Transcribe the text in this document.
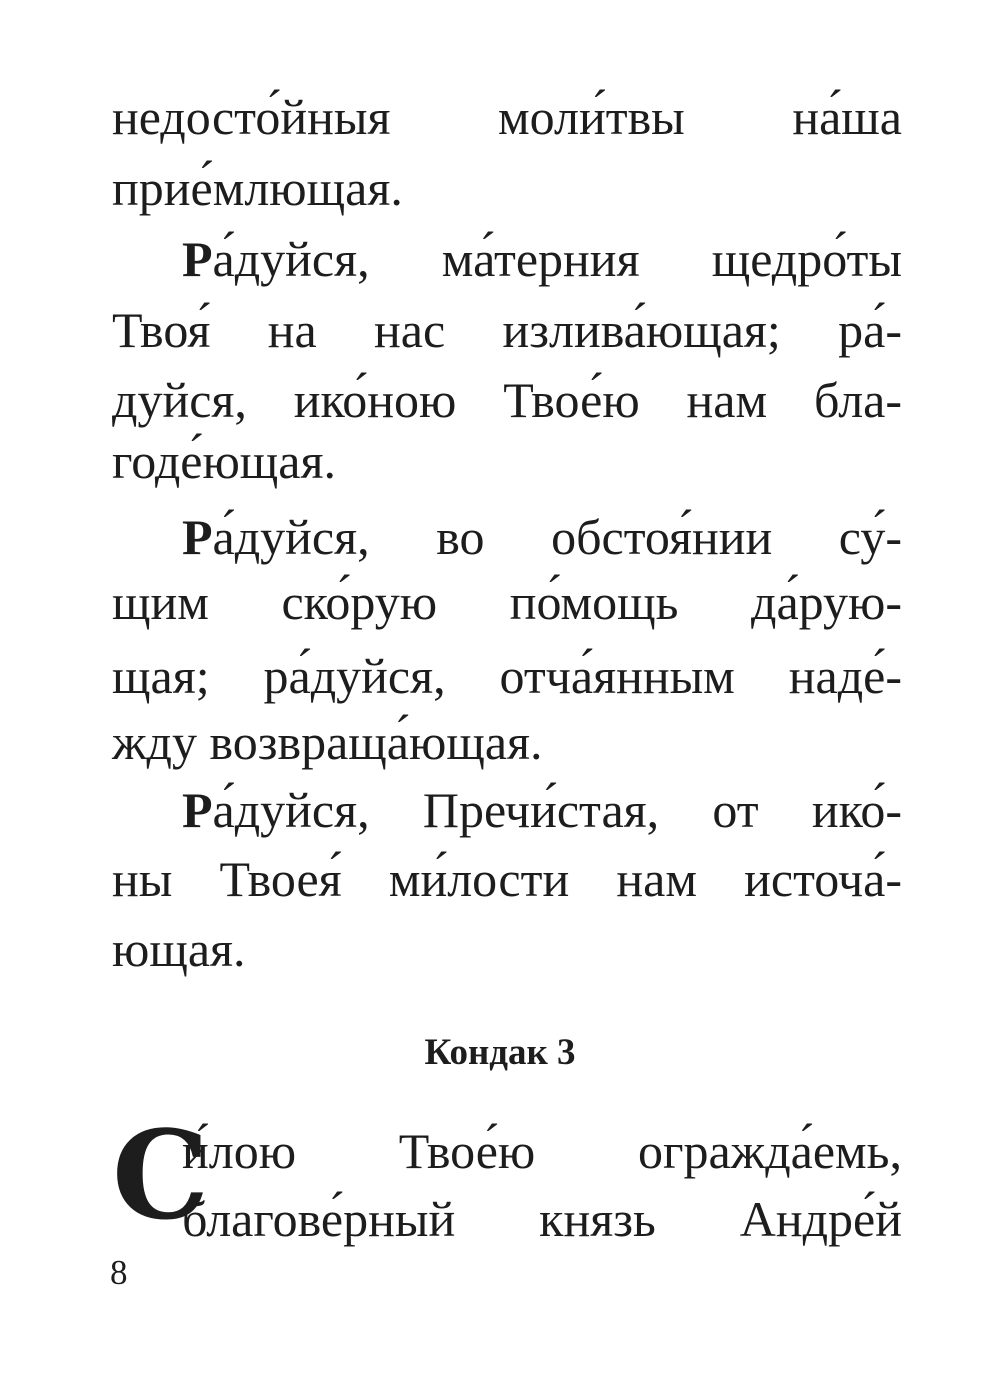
недосто́йныя моли́твы на́ша
прие́млющая.
Ра́дуйся, ма́терния щедро́ты
Твоя́ на нас излива́ющая; ра́-
дуйся, ико́ною Твое́ю нам бла-
годе́ющая.
Ра́дуйся, во обстоя́нии су́-
щим ско́рую по́мощь да́рую-
щая; ра́дуйся, отча́янным наде́-
жду возвраща́ющая.
Ра́дуйся, Пречи́стая, от ико́-
ны Твоея́ ми́лости нам источа́-
ющая.
Кондак 3
С
и́лою Твое́ю огражда́емь,
благове́рный князь Андре́й
8
